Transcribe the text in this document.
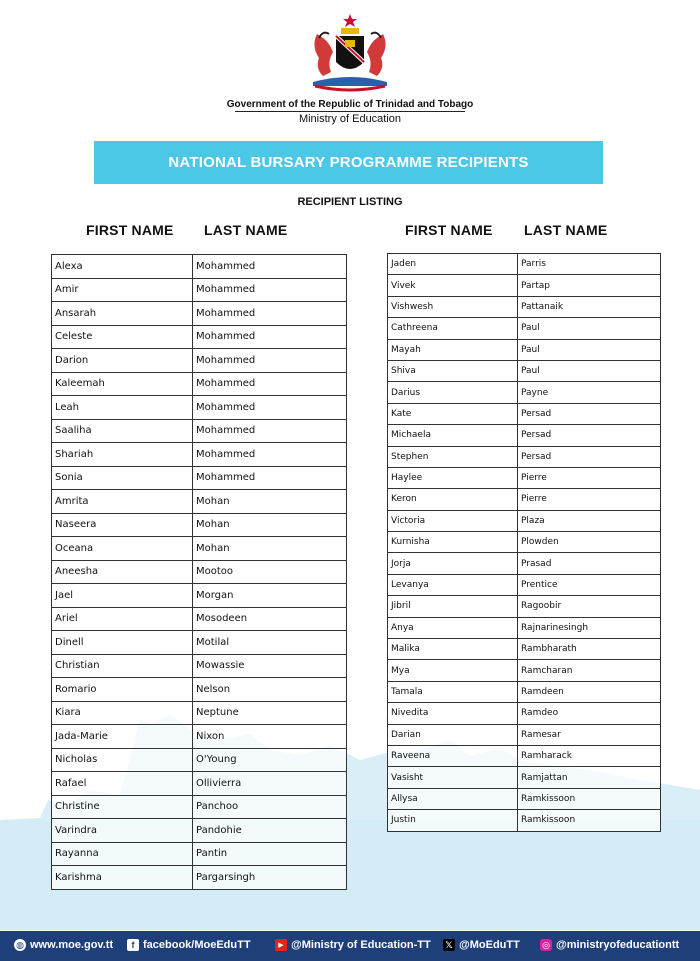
Government of the Republic of Trinidad and Tobago
Ministry of Education
NATIONAL BURSARY PROGRAMME RECIPIENTS
RECIPIENT LISTING
FIRST NAME LAST NAME	FIRST NAME LAST NAME
Alexa	Mohammed
Amir	Mohammed
Ansarah	Mohammed
Celeste	Mohammed
Darion	Mohammed
Kaleemah	Mohammed
Leah	Mohammed
Saaliha	Mohammed
Shariah	Mohammed
Sonia	Mohammed
Amrita	Mohan
Naseera	Mohan
Oceana	Mohan
Aneesha	Mootoo
Jael	Morgan
Ariel	Mosodeen
Dinell	Motilal
Christian	Mowassie
Romario	Nelson
Kiara	Neptune
Jada-Marie	Nixon
Nicholas	O'Young
Rafael	Ollivierra
Christine	Panchoo
Varindra	Pandohie
Rayanna	Pantin
Karishma	Pargarsingh
Jaden	Parris
Vivek	Partap
Vishwesh	Pattanaik
Cathreena	Paul
Mayah	Paul
Shiva	Paul
Darius	Payne
Kate	Persad
Michaela	Persad
Stephen	Persad
Haylee	Pierre
Keron	Pierre
Victoria	Plaza
Kurnisha	Plowden
Jorja	Prasad
Levanya	Prentice
Jibril	Ragoobir
Anya	Rajnarinesingh
Malika	Rambharath
Mya	Ramcharan
Tamala	Ramdeen
Nivedita	Ramdeo
Darian	Ramesar
Raveena	Ramharack
Vasisht	Ramjattan
Allysa	Ramkissoon
Justin	Ramkissoon
◍ www.moe.gov.tt	f facebook/MoeEduTT	▶ @Ministry of Education-TT 𝕏 @MoEduTT ◎ @ministryofeducationtt
